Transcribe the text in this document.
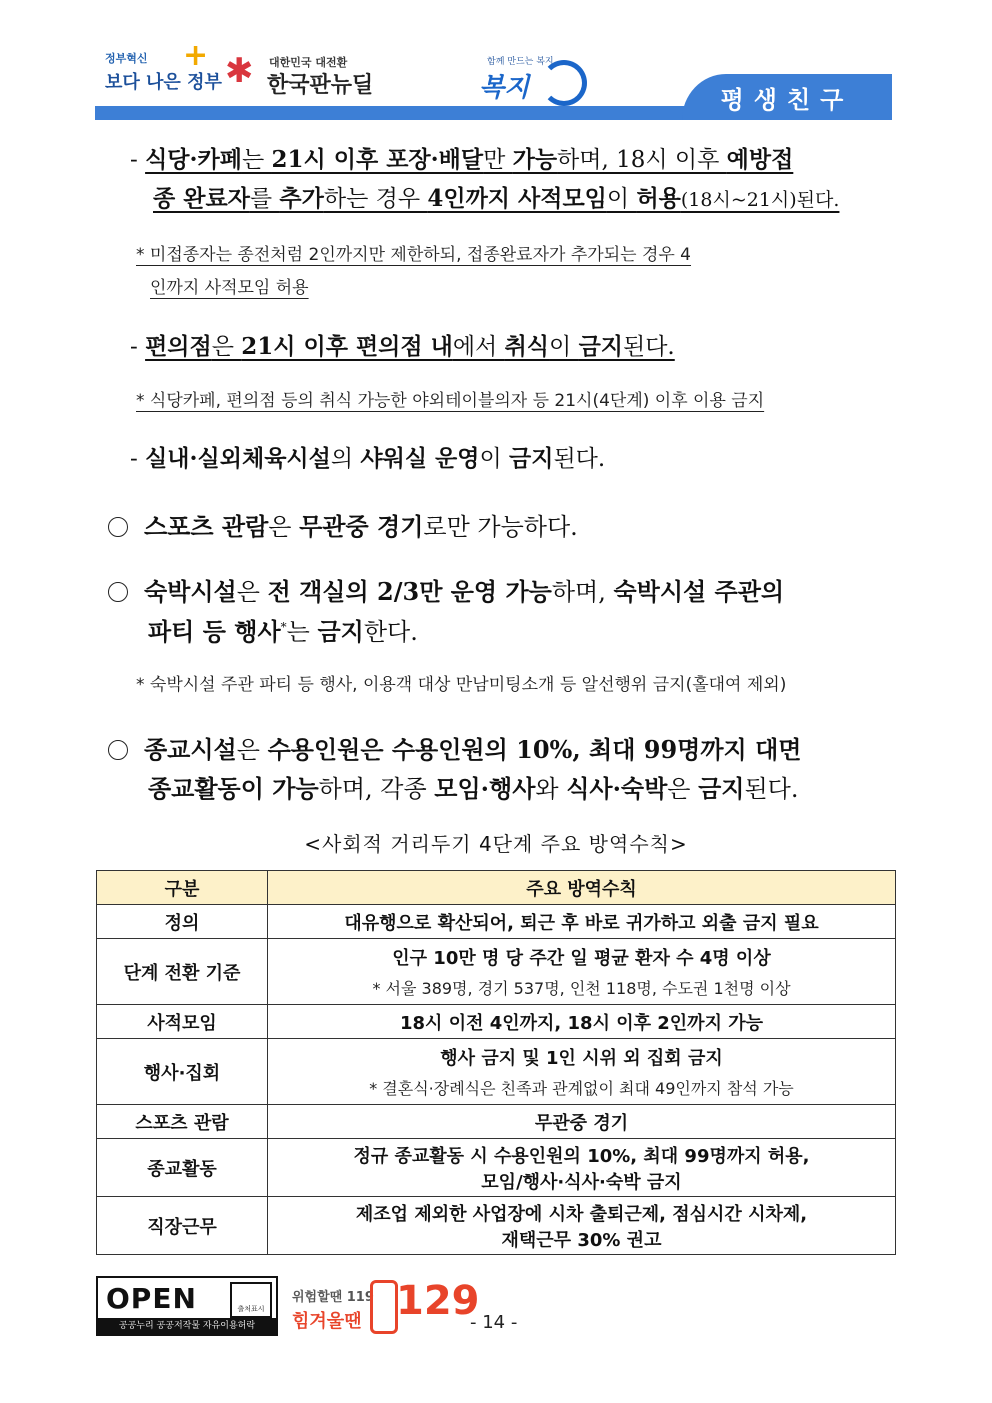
정부혁신
보다 나은 정부
+ ✱ 대한민국 대전환
한국판뉴딜
함께 만드는 복지
복지	평생친구
- 식당·카페는 21시 이후 포장·배달만 가능하며, 18시 이후 예방접
종 완료자를 추가하는 경우 4인까지 사적모임이 허용(18시~21시)된다.
* 미접종자는 종전처럼 2인까지만 제한하되, 접종완료자가 추가되는 경우 4
인까지 사적모임 허용
- 편의점은 21시 이후 편의점 내에서 취식이 금지된다.
* 식당카페, 편의점 등의 취식 가능한 야외테이블의자 등 21시(4단계) 이후 이용 금지
- 실내·실외체육시설의 샤워실 운영이 금지된다.
스포츠 관람은 무관중 경기로만 가능하다.
숙박시설은 전 객실의 2/3만 운영 가능하며, 숙박시설 주관의
파티 등 행사*는 금지한다.
* 숙박시설 주관 파티 등 행사, 이용객 대상 만남미팅소개 등 알선행위 금지(홀대여 제외)
종교시설은 수용인원은 수용인원의 10%, 최대 99명까지 대면
종교활동이 가능하며, 각종 모임·행사와 식사·숙박은 금지된다.
<사회적 거리두기 4단계 주요 방역수칙>
구분	주요 방역수칙
정의	대유행으로 확산되어, 퇴근 후 바로 귀가하고 외출 금지 필요
단계 전환 기준	인구 10만 명 당 주간 일 평균 환자 수 4명 이상
* 서울 389명, 경기 537명, 인천 118명, 수도권 1천명 이상

사적모임	18시 이전 4인까지, 18시 이후 2인까지 가능
행사·집회	행사 금지 및 1인 시위 외 집회 금지
* 결혼식·장례식은 친족과 관계없이 최대 49인까지 참석 가능

스포츠 관람	무관중 경기
종교활동	정규 종교활동 시 수용인원의 10%, 최대 99명까지 허용,
모임/행사·식사·숙박 금지

직장근무	제조업 제외한 사업장에 시차 출퇴근제, 점심시간 시차제,
재택근무 30% 권고
OPEN	출처표시
공공누리 공공저작물 자유이용허락
위험할땐 119
힘겨울땐 129
- 14 -
